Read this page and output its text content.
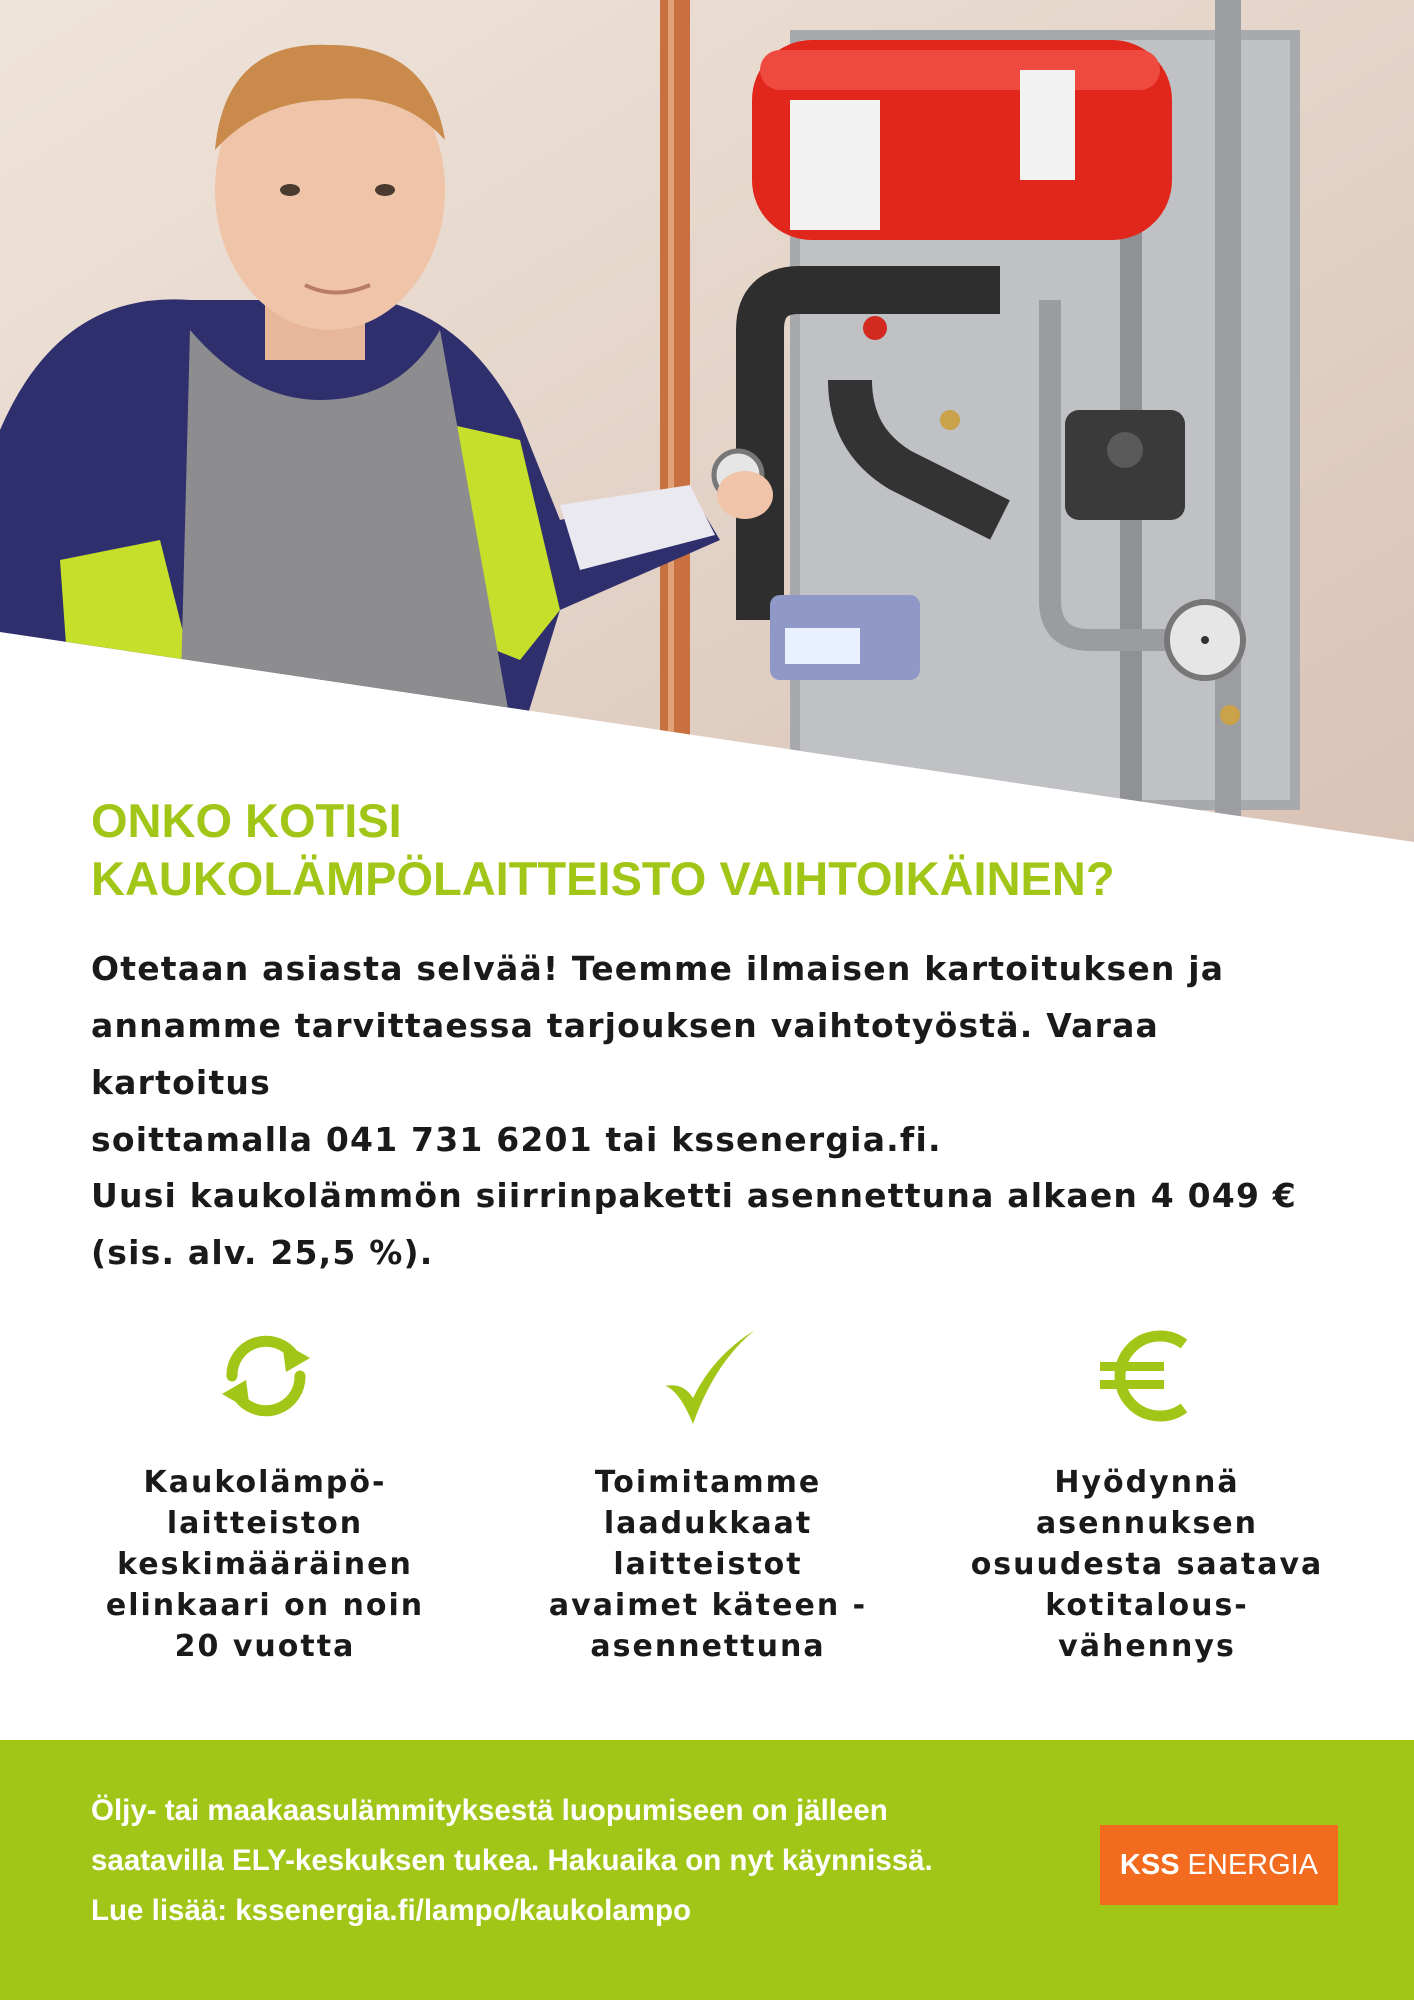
ONKO KOTISI
KAUKOLÄMPÖLAITTEISTO VAIHTOIKÄINEN?

Otetaan asiasta selvää! Teemme ilmaisen kartoituksen ja
annamme tarvittaessa tarjouksen vaihtotyöstä. Varaa kartoitus
soittamalla 041 731 6201 tai kssenergia.fi.

Uusi kaukolämmön siirrinpaketti asennettuna alkaen 4 049 €
(sis. alv. 25,5 %).

Kaukolämpö-
laitteiston
keskimääräinen
elinkaari on noin
20 vuotta
Toimitamme
laadukkaat
laitteistot
avaimet käteen -
asennettuna
Hyödynnä
asennuksen
osuudesta saatava
kotitalous-
vähennys

Öljy- tai maakaasulämmityksestä luopumiseen on jälleen
saatavilla ELY-keskuksen tukea. Hakuaika on nyt käynnissä.
Lue lisää: kssenergia.fi/lampo/kaukolampo

KSS ENERGIA
